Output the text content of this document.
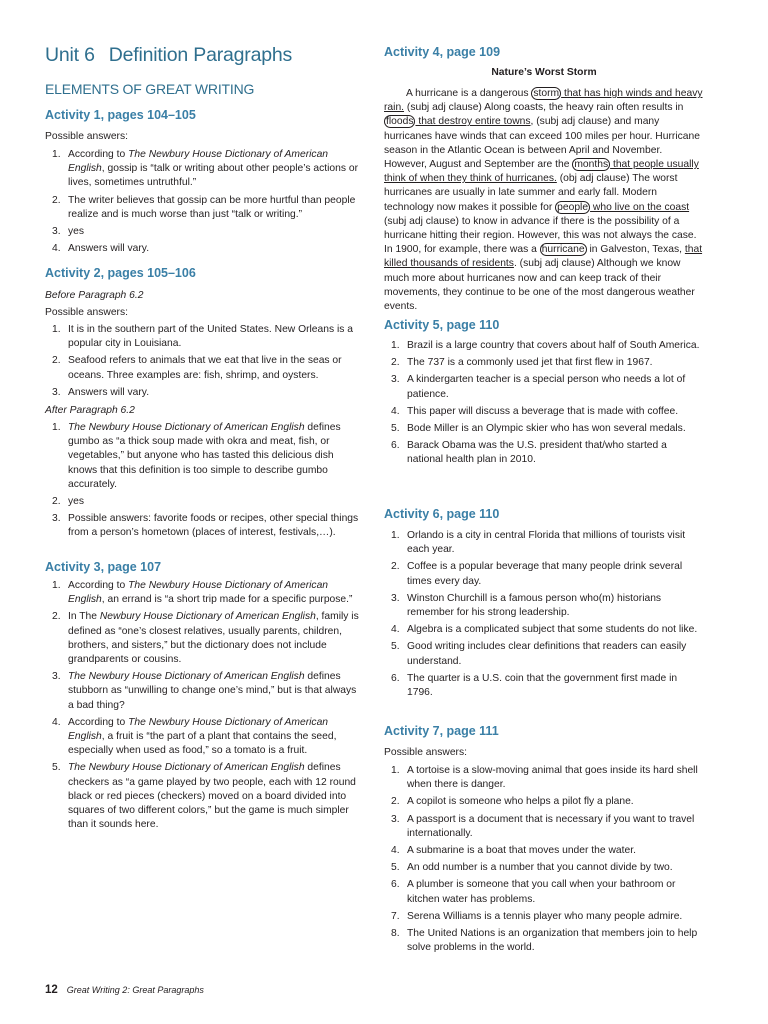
Unit 6 Definition Paragraphs
ELEMENTS OF GREAT WRITING
Activity 1, pages 104–105

Possible answers:

1. According to The Newbury House Dictionary of American English, gossip is “talk or writing about other people’s actions or lives, sometimes untruthful.”
2. The writer believes that gossip can be more hurtful than people realize and is much worse than just “talk or writing.”
3. yes
4. Answers will vary.
Activity 2, pages 105–106

Before Paragraph 6.2

Possible answers:

1. It is in the southern part of the United States. New Orleans is a popular city in Louisiana.
2. Seafood refers to animals that we eat that live in the seas or oceans. Three examples are: fish, shrimp, and oysters.
3. Answers will vary.

After Paragraph 6.2

1. The Newbury House Dictionary of American English defines gumbo as “a thick soup made with okra and meat, fish, or vegetables,” but anyone who has tasted this delicious dish knows that this definition is too simple to describe gumbo accurately.
2. yes
3. Possible answers: favorite foods or recipes, other special things from a person’s hometown (places of interest, festivals,…).
Activity 3, page 107
1. According to The Newbury House Dictionary of American English, an errand is “a short trip made for a specific purpose.”
2. In The Newbury House Dictionary of American English, family is defined as “one’s closest relatives, usually parents, children, brothers, and sisters,” but the dictionary does not include grandparents or cousins.
3. The Newbury House Dictionary of American English defines stubborn as “unwilling to change one’s mind,” but is that always a bad thing?
4. According to The Newbury House Dictionary of American English, a fruit is “the part of a plant that contains the seed, especially when used as food,” so a tomato is a fruit.
5. The Newbury House Dictionary of American English defines checkers as “a game played by two people, each with 12 round black or red pieces (checkers) moved on a board divided into squares of two different colors,” but the game is much simpler than it sounds here.
Activity 4, page 109

Nature’s Worst Storm

A hurricane is a dangerous storm that has high winds and heavy rain. (subj adj clause) Along coasts, the heavy rain often results in floods that destroy entire towns, (subj adj clause) and many hurricanes have winds that can exceed 100 miles per hour. Hurricane season in the Atlantic Ocean is between April and November. However, August and September are the months that people usually think of when they think of hurricanes. (obj adj clause) The worst hurricanes are usually in late summer and early fall. Modern technology now makes it possible for people who live on the coast (subj adj clause) to know in advance if there is the possibility of a hurricane hitting their region. However, this was not always the case. In 1900, for example, there was a hurricane in Galveston, Texas, that killed thousands of residents. (subj adj clause) Although we know much more about hurricanes now and can keep track of their movements, they continue to be one of the most dangerous weather events.

Activity 5, page 110
1. Brazil is a large country that covers about half of South America.
2. The 737 is a commonly used jet that first flew in 1967.
3. A kindergarten teacher is a special person who needs a lot of patience.
4. This paper will discuss a beverage that is made with coffee.
5. Bode Miller is an Olympic skier who has won several medals.
6. Barack Obama was the U.S. president that/who started a national health plan in 2010.
Activity 6, page 110
1. Orlando is a city in central Florida that millions of tourists visit each year.
2. Coffee is a popular beverage that many people drink several times every day.
3. Winston Churchill is a famous person who(m) historians remember for his strong leadership.
4. Algebra is a complicated subject that some students do not like.
5. Good writing includes clear definitions that readers can easily understand.
6. The quarter is a U.S. coin that the government first made in 1796.
Activity 7, page 111

Possible answers:

1. A tortoise is a slow-moving animal that goes inside its hard shell when there is danger.
2. A copilot is someone who helps a pilot fly a plane.
3. A passport is a document that is necessary if you want to travel internationally.
4. A submarine is a boat that moves under the water.
5. An odd number is a number that you cannot divide by two.
6. A plumber is someone that you call when your bathroom or kitchen water has problems.
7. Serena Williams is a tennis player who many people admire.
8. The United Nations is an organization that members join to help solve problems in the world.
12 Great Writing 2: Great Paragraphs
